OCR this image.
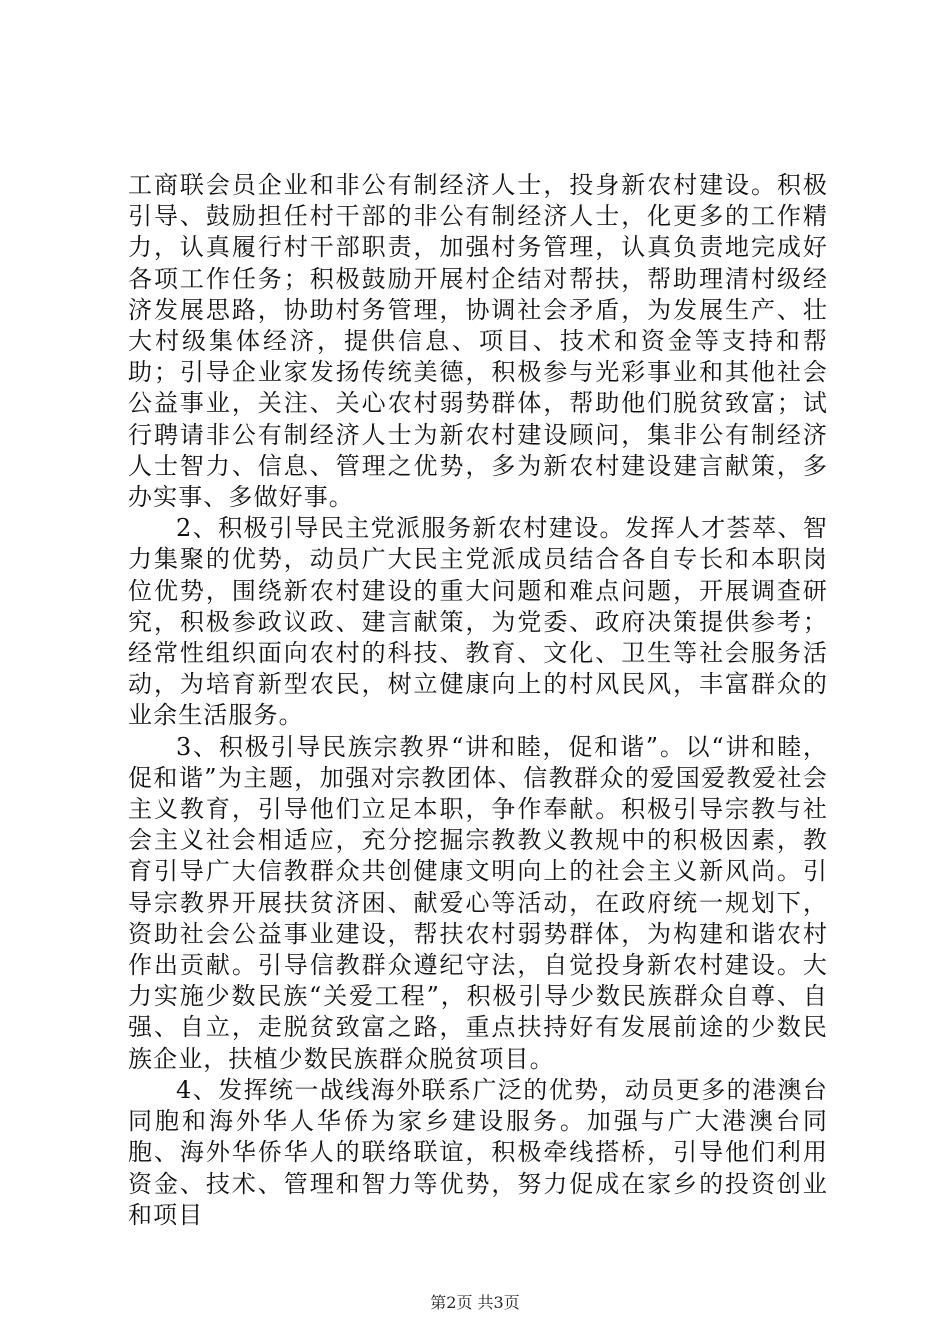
工商联会员企业和非公有制经济人士，投身新农村建设。积极引导、鼓励担任村干部的非公有制经济人士，化更多的工作精力，认真履行村干部职责，加强村务管理，认真负责地完成好各项工作任务；积极鼓励开展村企结对帮扶，帮助理清村级经济发展思路，协助村务管理，协调社会矛盾，为发展生产、壮大村级集体经济，提供信息、项目、技术和资金等支持和帮助；引导企业家发扬传统美德，积极参与光彩事业和其他社会公益事业，关注、关心农村弱势群体，帮助他们脱贫致富；试行聘请非公有制经济人士为新农村建设顾问，集非公有制经济人士智力、信息、管理之优势，多为新农村建设建言献策，多办实事、多做好事。

2、积极引导民主党派服务新农村建设。发挥人才荟萃、智力集聚的优势，动员广大民主党派成员结合各自专长和本职岗位优势，围绕新农村建设的重大问题和难点问题，开展调查研究，积极参政议政、建言献策，为党委、政府决策提供参考；经常性组织面向农村的科技、教育、文化、卫生等社会服务活动，为培育新型农民，树立健康向上的村风民风，丰富群众的业余生活服务。

3、积极引导民族宗教界“讲和睦，促和谐”。以“讲和睦，促和谐”为主题，加强对宗教团体、信教群众的爱国爱教爱社会主义教育，引导他们立足本职，争作奉献。积极引导宗教与社会主义社会相适应，充分挖掘宗教教义教规中的积极因素，教育引导广大信教群众共创健康文明向上的社会主义新风尚。引导宗教界开展扶贫济困、献爱心等活动，在政府统一规划下，资助社会公益事业建设，帮扶农村弱势群体，为构建和谐农村作出贡献。引导信教群众遵纪守法，自觉投身新农村建设。大力实施少数民族“关爱工程”，积极引导少数民族群众自尊、自强、自立，走脱贫致富之路，重点扶持好有发展前途的少数民族企业，扶植少数民族群众脱贫项目。

4、发挥统一战线海外联系广泛的优势，动员更多的港澳台同胞和海外华人华侨为家乡建设服务。加强与广大港澳台同胞、海外华侨华人的联络联谊，积极牵线搭桥，引导他们利用资金、技术、管理和智力等优势，努力促成在家乡的投资创业和项目

第2页 共3页
